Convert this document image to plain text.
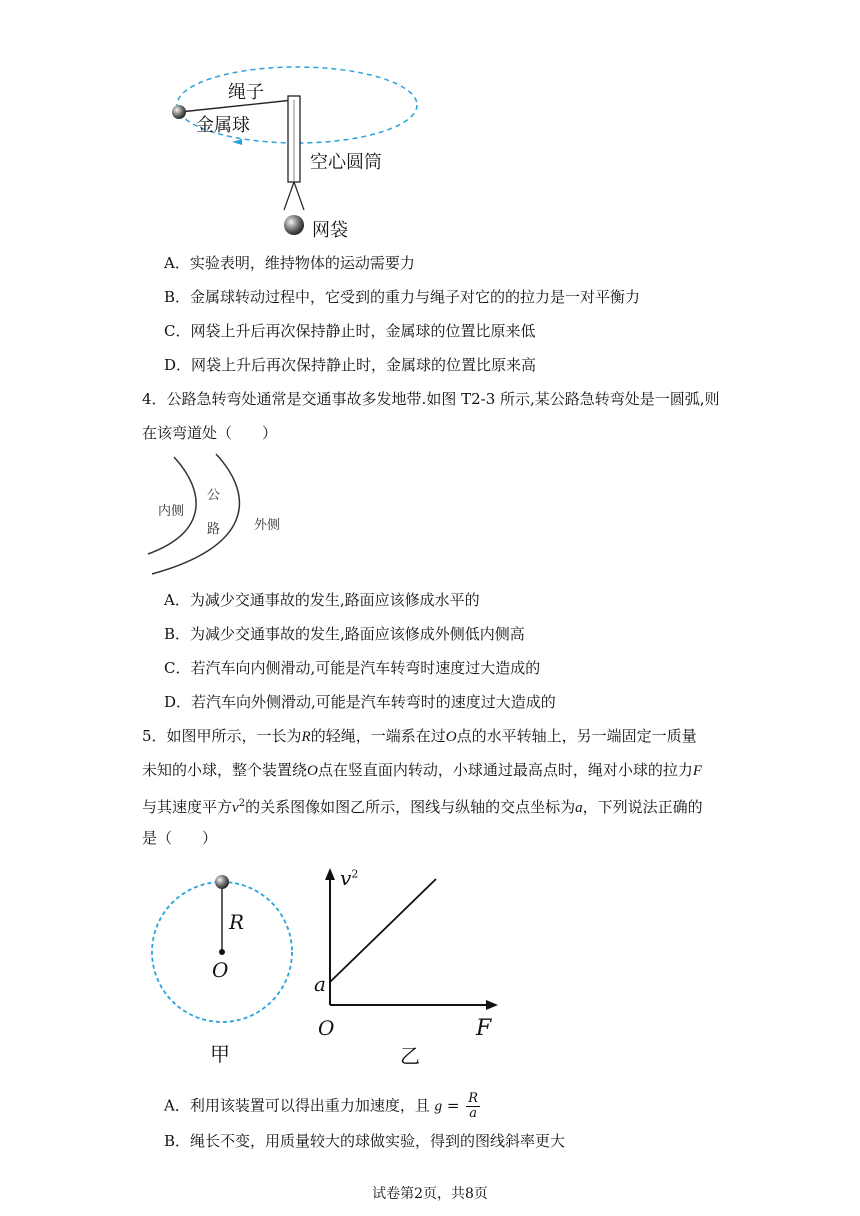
绳子
金属球
空心圆筒
网袋
A．实验表明，维持物体的运动需要力
B．金属球转动过程中，它受到的重力与绳子对它的的拉力是一对平衡力
C．网袋上升后再次保持静止时，金属球的位置比原来低
D．网袋上升后再次保持静止时，金属球的位置比原来高
4．公路急转弯处通常是交通事故多发地带.如图 T2-3 所示,某公路急转弯处是一圆弧,则
在该弯道处（　　）
内侧
公
路	外侧
A．为减少交通事故的发生,路面应该修成水平的
B．为减少交通事故的发生,路面应该修成外侧低内侧高
C．若汽车向内侧滑动,可能是汽车转弯时速度过大造成的
D．若汽车向外侧滑动,可能是汽车转弯时的速度过大造成的
5．如图甲所示，一长为R的轻绳，一端系在过O点的水平转轴上，另一端固定一质量
未知的小球，整个装置绕O点在竖直面内转动，小球通过最高点时，绳对小球的拉力F
与其速度平方$v^2$的关系图像如图乙所示，图线与纵轴的交点坐标为a，下列说法正确的
是（　　）
R
O
甲
$v^2$
a
O	F
乙
A．利用该装置可以得出重力加速度，且 $g = \frac{R}{a}$
B．绳长不变，用质量较大的球做实验，得到的图线斜率更大
试卷第2页，共8页
